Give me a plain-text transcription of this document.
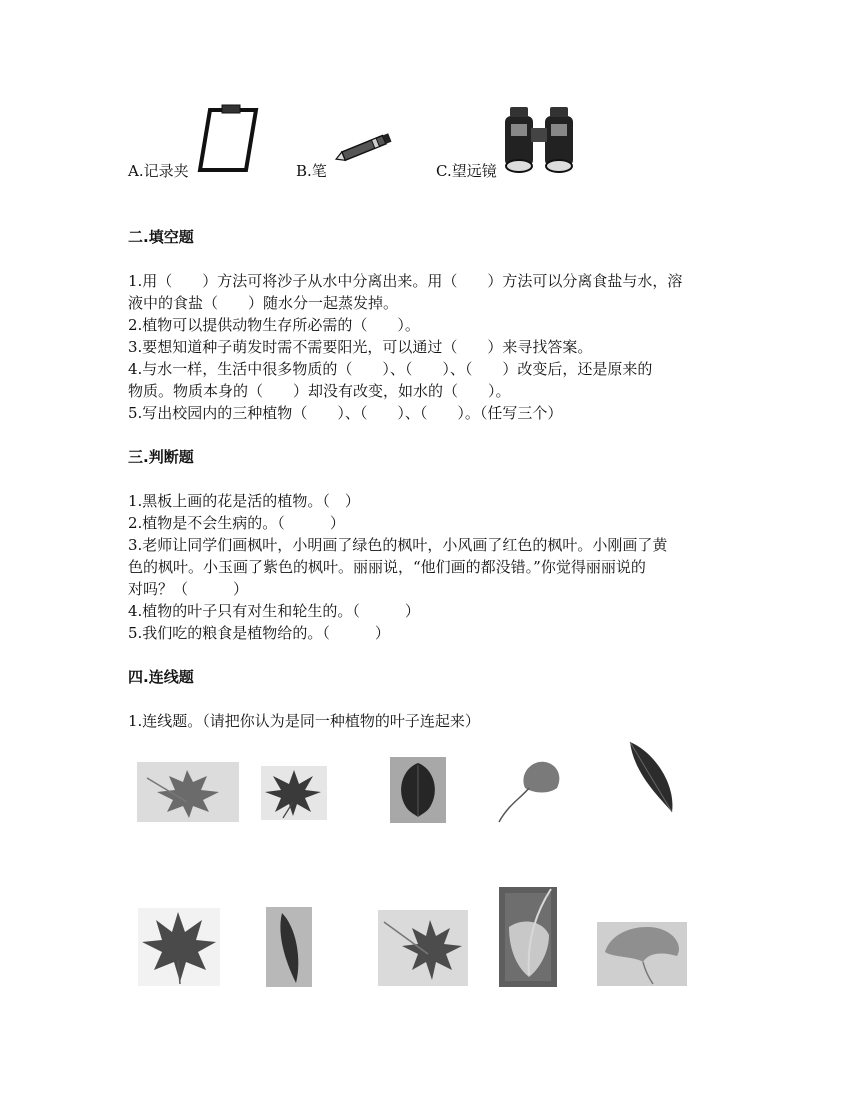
A.记录夹	B.笔	C.望远镜
二.填空题
1.用（　　）方法可将沙子从水中分离出来。用（　　）方法可以分离食盐与水，溶
液中的食盐（　　）随水分一起蒸发掉。
2.植物可以提供动物生存所必需的（　　）。
3.要想知道种子萌发时需不需要阳光，可以通过（　　）来寻找答案。
4.与水一样，生活中很多物质的（　　）、（　　）、（　　）改变后，还是原来的
物质。物质本身的（　　）却没有改变，如水的（　　）。
5.写出校园内的三种植物（　　）、（　　）、（　　）。（任写三个）
三.判断题
1.黑板上画的花是活的植物。（　）
2.植物是不会生病的。（　　　）
3.老师让同学们画枫叶，小明画了绿色的枫叶，小风画了红色的枫叶。小刚画了黄
色的枫叶。小玉画了紫色的枫叶。丽丽说，“他们画的都没错。”你觉得丽丽说的
对吗？（　　　）
4.植物的叶子只有对生和轮生的。（　　　）
5.我们吃的粮食是植物给的。（　　　）
四.连线题
1.连线题。（请把你认为是同一种植物的叶子连起来）
